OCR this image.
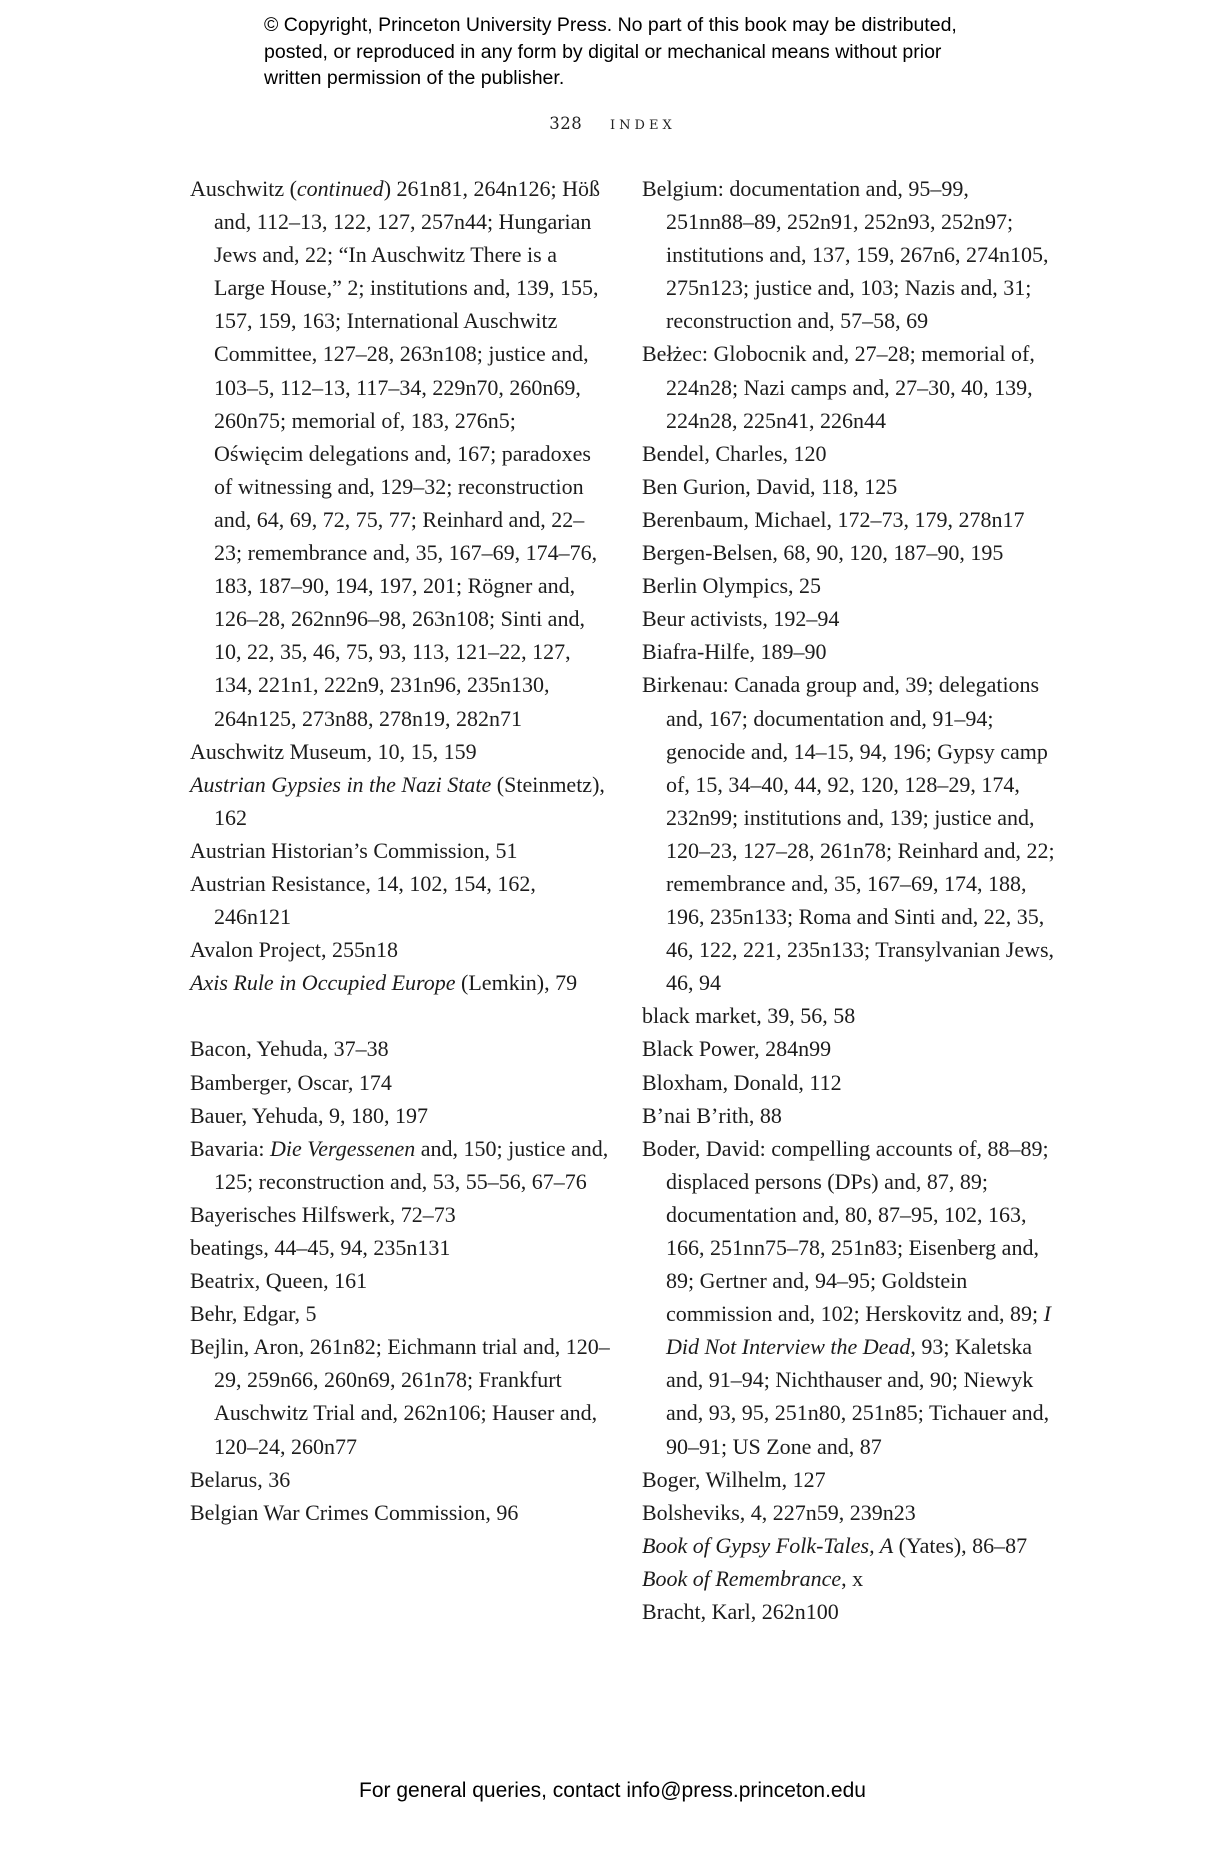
© Copyright, Princeton University Press. No part of this book may be distributed, posted, or reproduced in any form by digital or mechanical means without prior written permission of the publisher.
328 index
Auschwitz (continued) 261n81, 264n126; Höß and, 112–13, 122, 127, 257n44; Hungarian Jews and, 22; “In Auschwitz There is a Large House,” 2; institutions and, 139, 155, 157, 159, 163; International Auschwitz Committee, 127–28, 263n108; justice and, 103–5, 112–13, 117–34, 229n70, 260n69, 260n75; memorial of, 183, 276n5; Oświęcim delegations and, 167; paradoxes of witnessing and, 129–32; reconstruction and, 64, 69, 72, 75, 77; Reinhard and, 22–23; remembrance and, 35, 167–69, 174–76, 183, 187–90, 194, 197, 201; Rögner and, 126–28, 262nn96–98, 263n108; Sinti and, 10, 22, 35, 46, 75, 93, 113, 121–22, 127, 134, 221n1, 222n9, 231n96, 235n130, 264n125, 273n88, 278n19, 282n71
Auschwitz Museum, 10, 15, 159
Austrian Gypsies in the Nazi State (Steinmetz), 162
Austrian Historian’s Commission, 51
Austrian Resistance, 14, 102, 154, 162, 246n121
Avalon Project, 255n18
Axis Rule in Occupied Europe (Lemkin), 79
Bacon, Yehuda, 37–38
Bamberger, Oscar, 174
Bauer, Yehuda, 9, 180, 197
Bavaria: Die Vergessenen and, 150; justice and, 125; reconstruction and, 53, 55–56, 67–76
Bayerisches Hilfswerk, 72–73
beatings, 44–45, 94, 235n131
Beatrix, Queen, 161
Behr, Edgar, 5
Bejlin, Aron, 261n82; Eichmann trial and, 120–29, 259n66, 260n69, 261n78; Frankfurt Auschwitz Trial and, 262n106; Hauser and, 120–24, 260n77
Belarus, 36
Belgian War Crimes Commission, 96
Belgium: documentation and, 95–99, 251nn88–89, 252n91, 252n93, 252n97; institutions and, 137, 159, 267n6, 274n105, 275n123; justice and, 103; Nazis and, 31; reconstruction and, 57–58, 69
Bełżec: Globocnik and, 27–28; memorial of, 224n28; Nazi camps and, 27–30, 40, 139, 224n28, 225n41, 226n44
Bendel, Charles, 120
Ben Gurion, David, 118, 125
Berenbaum, Michael, 172–73, 179, 278n17
Bergen-Belsen, 68, 90, 120, 187–90, 195
Berlin Olympics, 25
Beur activists, 192–94
Biafra-Hilfe, 189–90
Birkenau: Canada group and, 39; delegations and, 167; documentation and, 91–94; genocide and, 14–15, 94, 196; Gypsy camp of, 15, 34–40, 44, 92, 120, 128–29, 174, 232n99; institutions and, 139; justice and, 120–23, 127–28, 261n78; Reinhard and, 22; remembrance and, 35, 167–69, 174, 188, 196, 235n133; Roma and Sinti and, 22, 35, 46, 122, 221, 235n133; Transylvanian Jews, 46, 94
black market, 39, 56, 58
Black Power, 284n99
Bloxham, Donald, 112
B’nai B’rith, 88
Boder, David: compelling accounts of, 88–89; displaced persons (DPs) and, 87, 89; documentation and, 80, 87–95, 102, 163, 166, 251nn75–78, 251n83; Eisenberg and, 89; Gertner and, 94–95; Goldstein commission and, 102; Herskovitz and, 89; I Did Not Interview the Dead, 93; Kaletska and, 91–94; Nichthauser and, 90; Niewyk and, 93, 95, 251n80, 251n85; Tichauer and, 90–91; US Zone and, 87
Boger, Wilhelm, 127
Bolsheviks, 4, 227n59, 239n23
Book of Gypsy Folk-Tales, A (Yates), 86–87
Book of Remembrance, x
Bracht, Karl, 262n100
For general queries, contact info@press.princeton.edu
